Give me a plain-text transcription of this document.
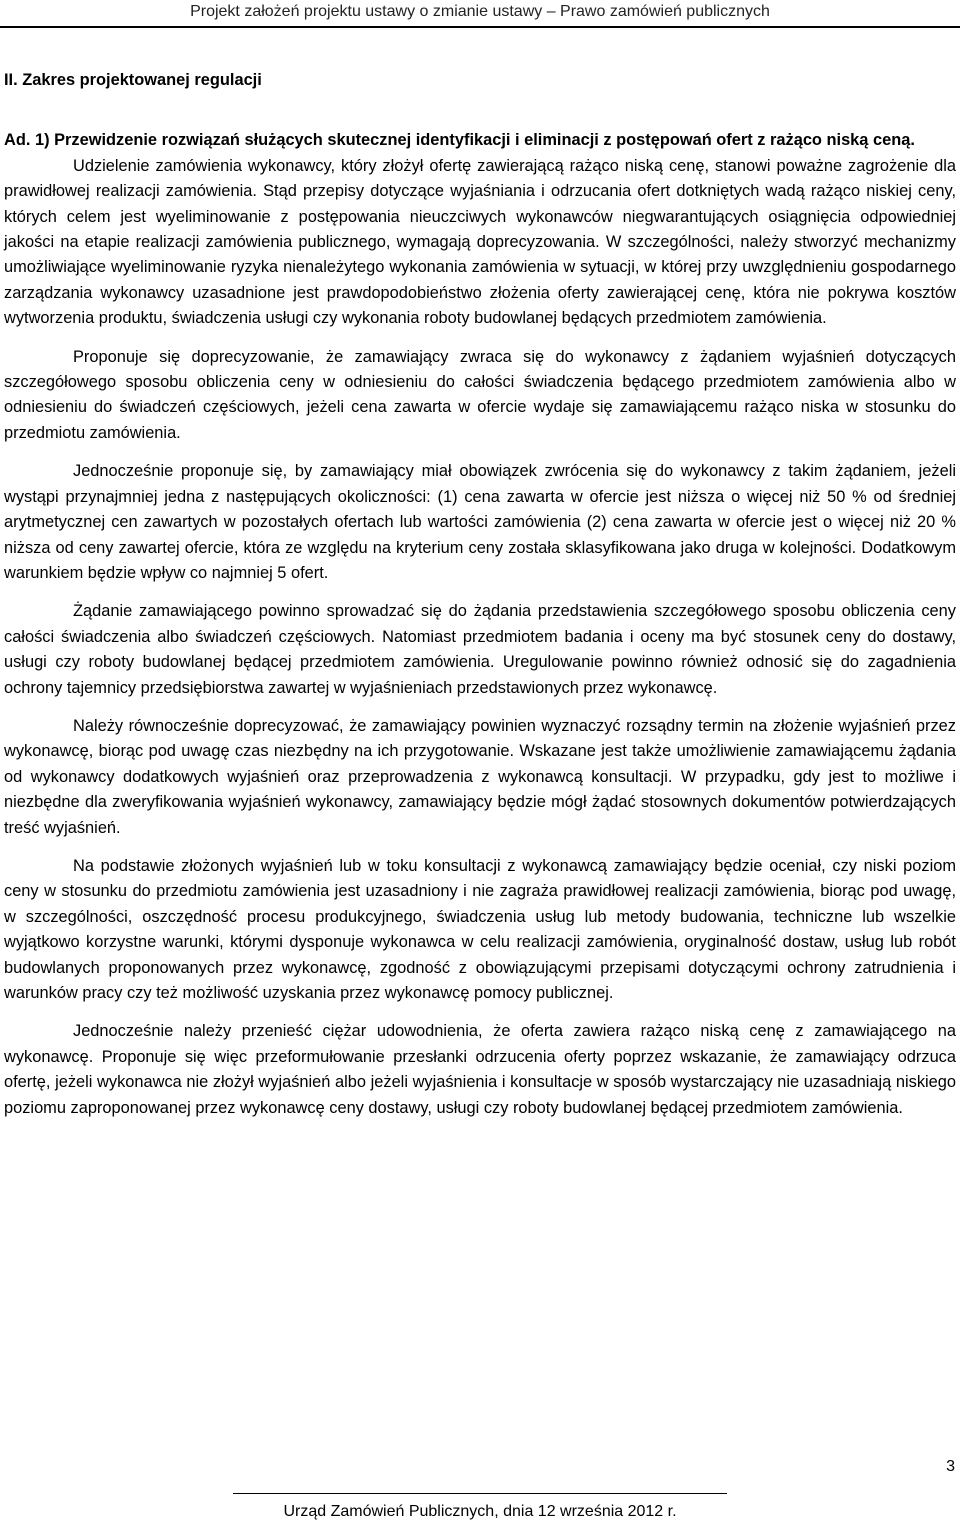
Projekt założeń projektu ustawy o zmianie ustawy – Prawo zamówień publicznych

II. Zakres projektowanej regulacji

Ad. 1) Przewidzenie rozwiązań służących skutecznej identyfikacji i eliminacji z postępowań ofert z rażąco niską ceną.

Udzielenie zamówienia wykonawcy, który złożył ofertę zawierającą rażąco niską cenę, stanowi poważne zagrożenie dla prawidłowej realizacji zamówienia. Stąd przepisy dotyczące wyjaśniania i odrzucania ofert dotkniętych wadą rażąco niskiej ceny, których celem jest wyeliminowanie z postępowania nieuczciwych wykonawców niegwarantujących osiągnięcia odpowiedniej jakości na etapie realizacji zamówienia publicznego, wymagają doprecyzowania. W szczególności, należy stworzyć mechanizmy umożliwiające wyeliminowanie ryzyka nienależytego wykonania zamówienia w sytuacji, w której przy uwzględnieniu gospodarnego zarządzania wykonawcy uzasadnione jest prawdopodobieństwo złożenia oferty zawierającej cenę, która nie pokrywa kosztów wytworzenia produktu, świadczenia usługi czy wykonania roboty budowlanej będących przedmiotem zamówienia.

Proponuje się doprecyzowanie, że zamawiający zwraca się do wykonawcy z żądaniem wyjaśnień dotyczących szczegółowego sposobu obliczenia ceny w odniesieniu do całości świadczenia będącego przedmiotem zamówienia albo w odniesieniu do świadczeń częściowych, jeżeli cena zawarta w ofercie wydaje się zamawiającemu rażąco niska w stosunku do przedmiotu zamówienia.

Jednocześnie proponuje się, by zamawiający miał obowiązek zwrócenia się do wykonawcy z takim żądaniem, jeżeli wystąpi przynajmniej jedna z następujących okoliczności: (1) cena zawarta w ofercie jest niższa o więcej niż 50 % od średniej arytmetycznej cen zawartych w pozostałych ofertach lub wartości zamówienia (2) cena zawarta w ofercie jest o więcej niż 20 % niższa od ceny zawartej ofercie, która ze względu na kryterium ceny została sklasyfikowana jako druga w kolejności. Dodatkowym warunkiem będzie wpływ co najmniej 5 ofert.

Żądanie zamawiającego powinno sprowadzać się do żądania przedstawienia szczegółowego sposobu obliczenia ceny całości świadczenia albo świadczeń częściowych. Natomiast przedmiotem badania i oceny ma być stosunek ceny do dostawy, usługi czy roboty budowlanej będącej przedmiotem zamówienia. Uregulowanie powinno również odnosić się do zagadnienia ochrony tajemnicy przedsiębiorstwa zawartej w wyjaśnieniach przedstawionych przez wykonawcę.

Należy równocześnie doprecyzować, że zamawiający powinien wyznaczyć rozsądny termin na złożenie wyjaśnień przez wykonawcę, biorąc pod uwagę czas niezbędny na ich przygotowanie. Wskazane jest także umożliwienie zamawiającemu żądania od wykonawcy dodatkowych wyjaśnień oraz przeprowadzenia z wykonawcą konsultacji. W przypadku, gdy jest to możliwe i niezbędne dla zweryfikowania wyjaśnień wykonawcy, zamawiający będzie mógł żądać stosownych dokumentów potwierdzających treść wyjaśnień.

Na podstawie złożonych wyjaśnień lub w toku konsultacji z wykonawcą zamawiający będzie oceniał, czy niski poziom ceny w stosunku do przedmiotu zamówienia jest uzasadniony i nie zagraża prawidłowej realizacji zamówienia, biorąc pod uwagę, w szczególności, oszczędność procesu produkcyjnego, świadczenia usług lub metody budowania, techniczne lub wszelkie wyjątkowo korzystne warunki, którymi dysponuje wykonawca w celu realizacji zamówienia, oryginalność dostaw, usług lub robót budowlanych proponowanych przez wykonawcę, zgodność z obowiązującymi przepisami dotyczącymi ochrony zatrudnienia i warunków pracy czy też możliwość uzyskania przez wykonawcę pomocy publicznej.

Jednocześnie należy przenieść ciężar udowodnienia, że oferta zawiera rażąco niską cenę z zamawiającego na wykonawcę. Proponuje się więc przeformułowanie przesłanki odrzucenia oferty poprzez wskazanie, że zamawiający odrzuca ofertę, jeżeli wykonawca nie złożył wyjaśnień albo jeżeli wyjaśnienia i konsultacje w sposób wystarczający nie uzasadniają niskiego poziomu zaproponowanej przez wykonawcę ceny dostawy, usługi czy roboty budowlanej będącej przedmiotem zamówienia.

3
Urząd Zamówień Publicznych, dnia 12 września 2012 r.
